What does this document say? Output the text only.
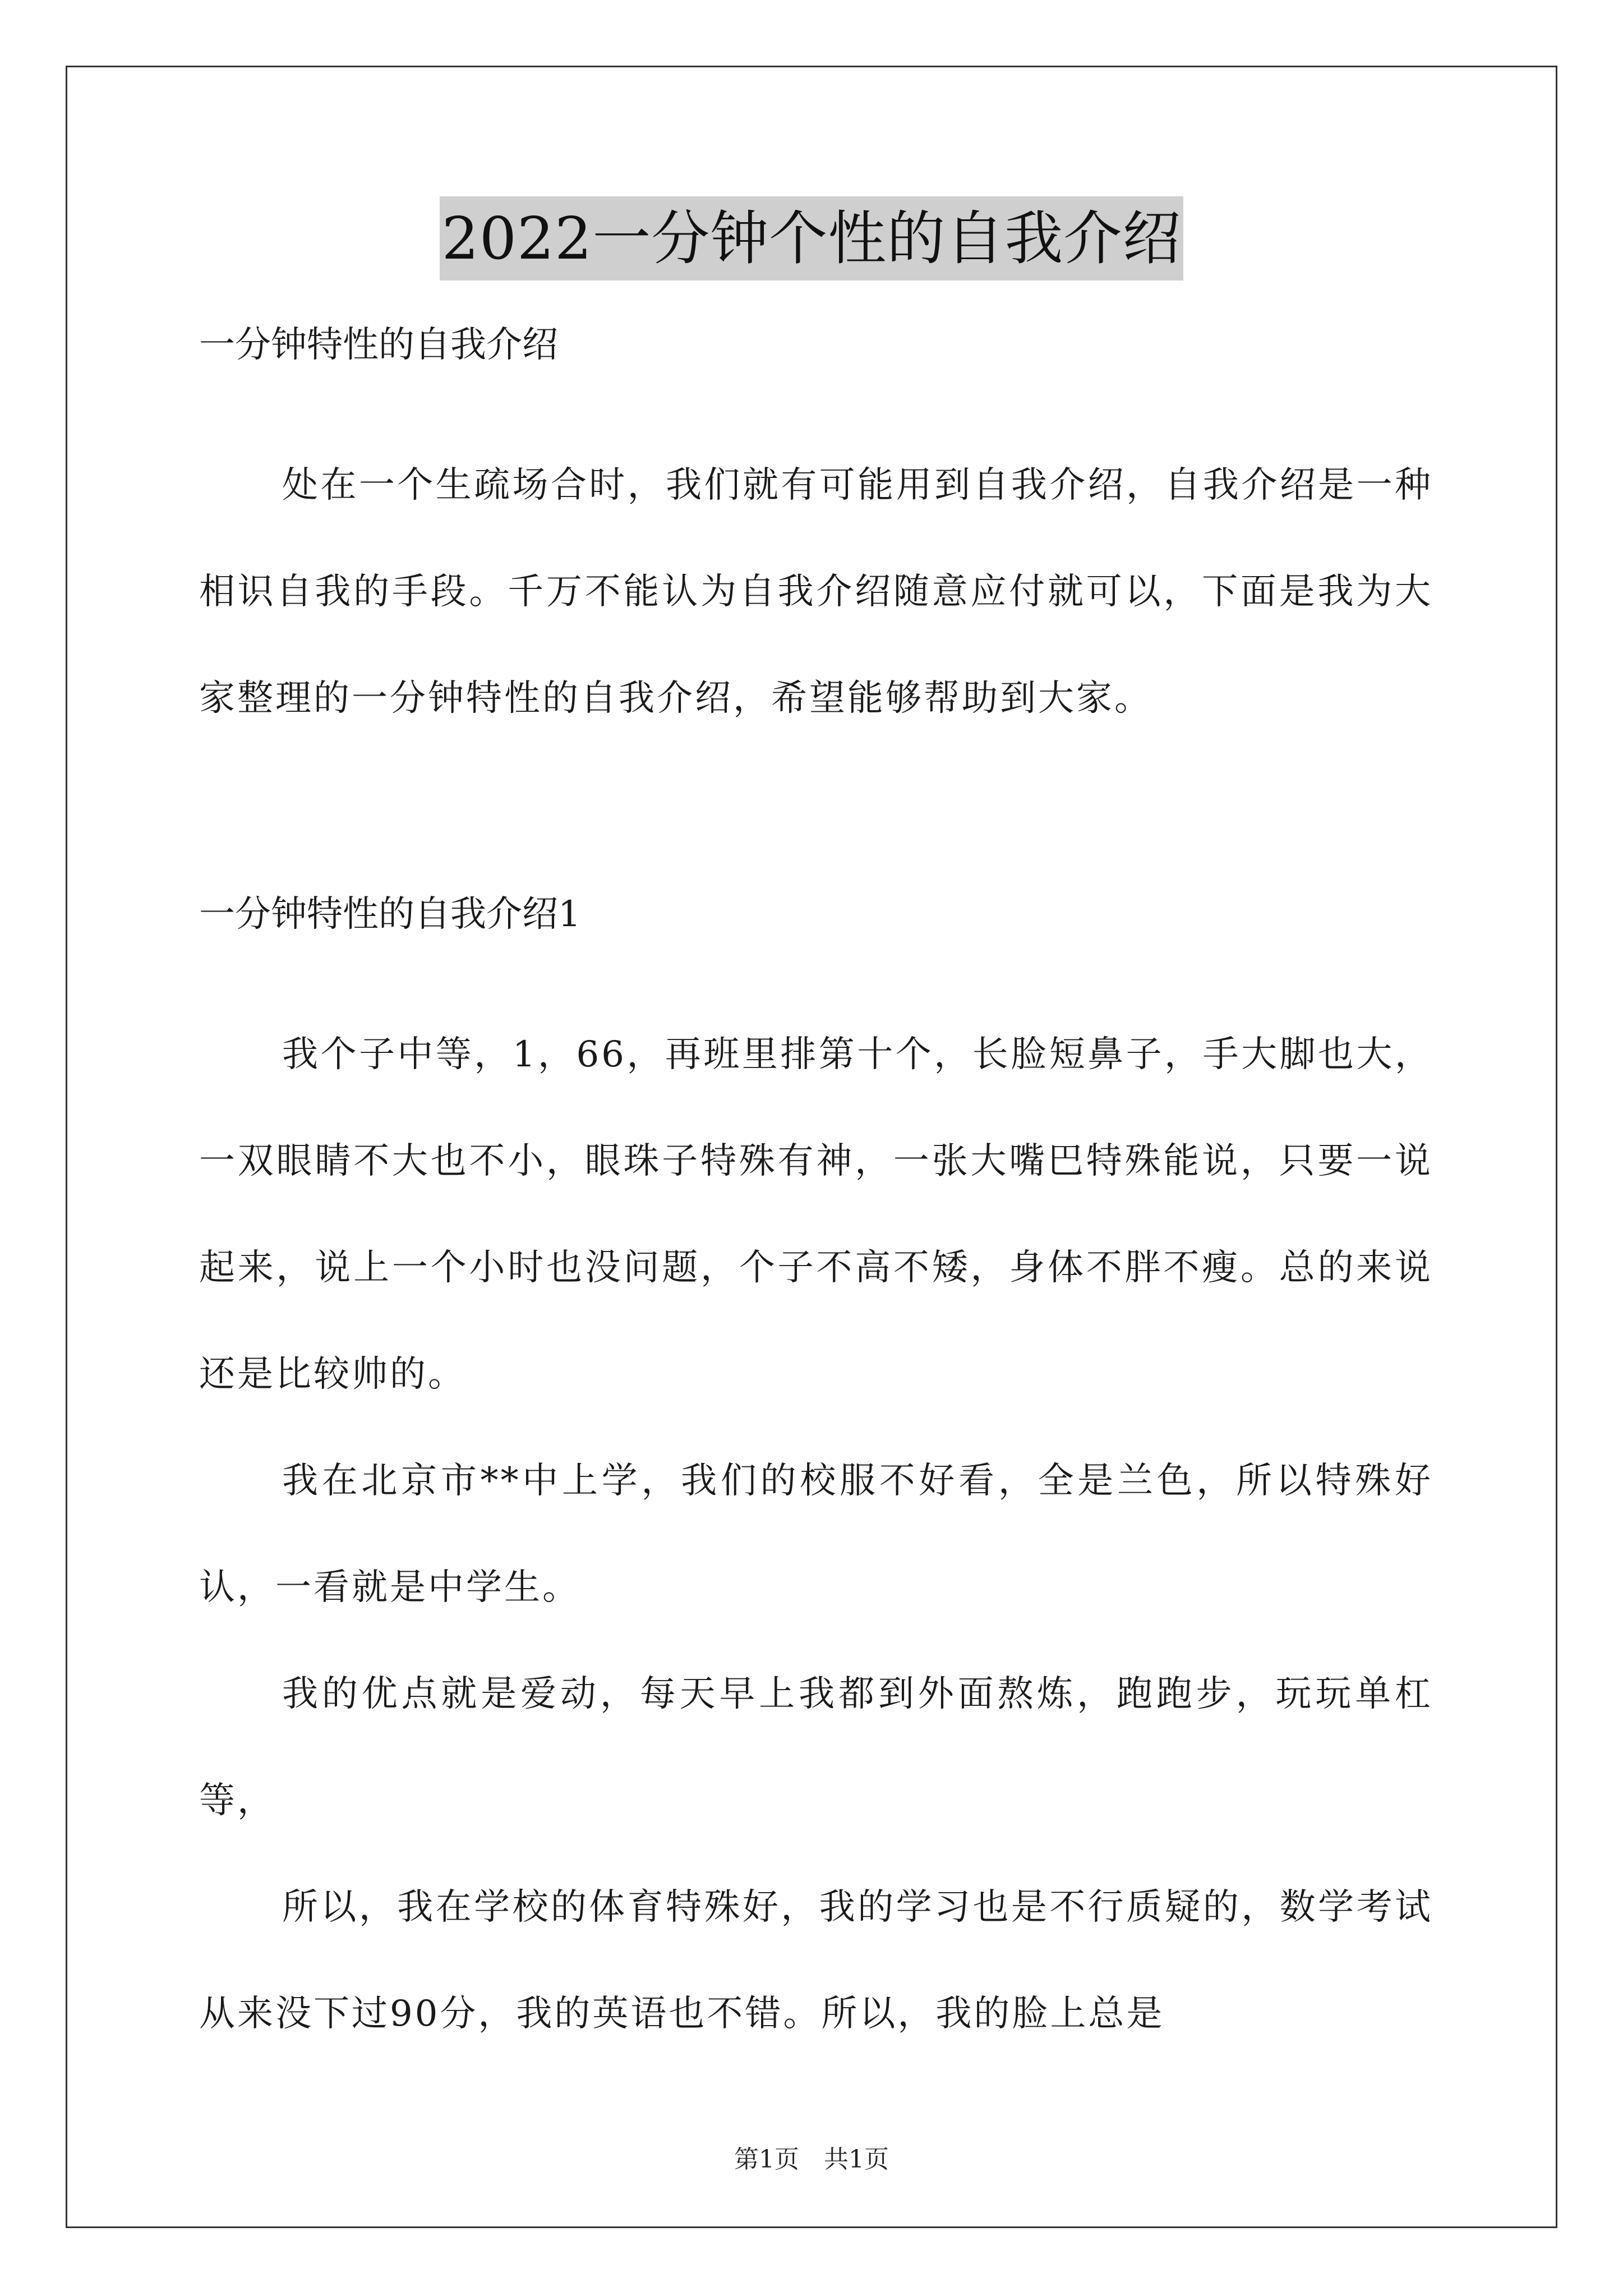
2022一分钟个性的自我介绍

一分钟特性的自我介绍

处在一个生疏场合时，我们就有可能用到自我介绍，自我介绍是一种相识自我的手段。千万不能认为自我介绍随意应付就可以，下面是我为大家整理的一分钟特性的自我介绍，希望能够帮助到大家。

一分钟特性的自我介绍1

我个子中等，1，66，再班里排第十个，长脸短鼻子，手大脚也大，一双眼睛不大也不小，眼珠子特殊有神，一张大嘴巴特殊能说，只要一说起来，说上一个小时也没问题，个子不高不矮，身体不胖不瘦。总的来说还是比较帅的。

我在北京市**中上学，我们的校服不好看，全是兰色，所以特殊好认，一看就是中学生。

我的优点就是爱动，每天早上我都到外面熬炼，跑跑步，玩玩单杠等，

所以，我在学校的体育特殊好，我的学习也是不行质疑的，数学考试从来没下过90分，我的英语也不错。所以，我的脸上总是

第1页　共1页
